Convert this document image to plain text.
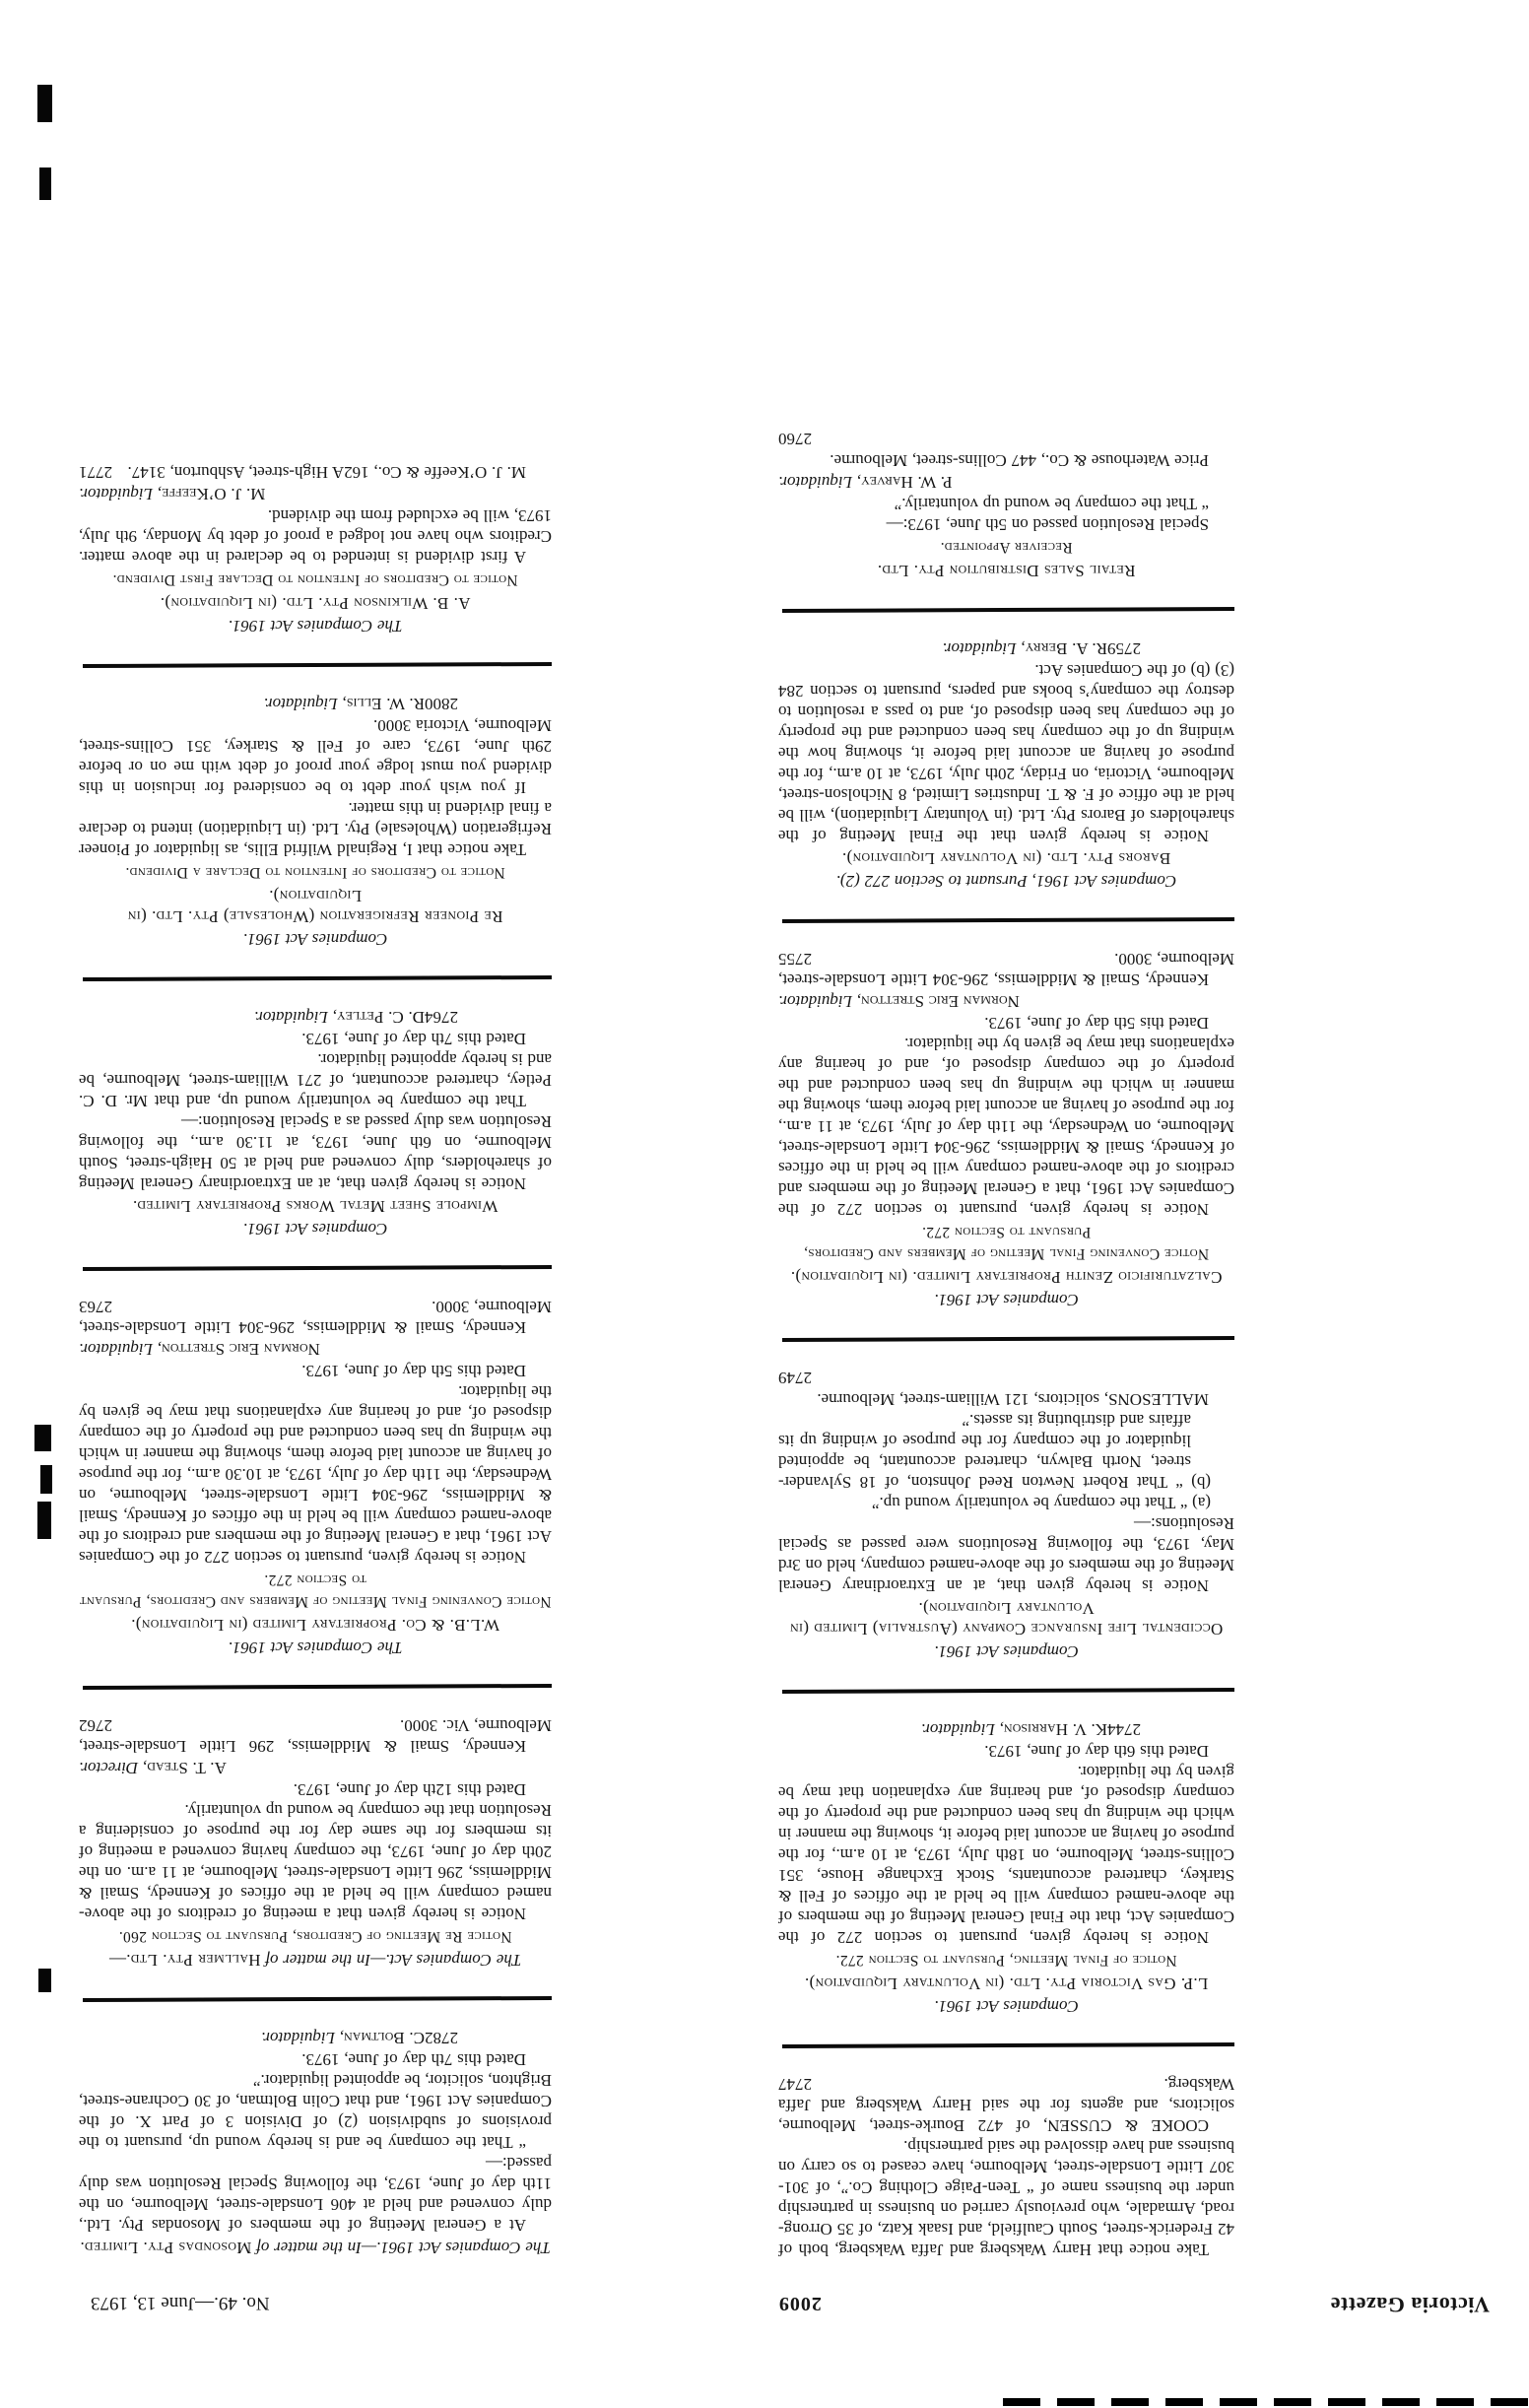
Victoria Gazette
2009
No. 49.—June 13, 1973

Take notice that Harry Waksberg and Jaffa Waksberg, both of 42 Frederick-street, South Caulfield, and Isaak Katz, of 35 Orrong-road, Armadale, who previously carried on business in partnership under the business name of “ Teen-Paige Clothing Co.”, of 301-307 Little Lonsdale-street, Melbourne, have ceased to so carry on business and have dissolved the said partnership.

COOKE & CUSSEN, of 472 Bourke-street, Melbourne, solicitors, and agents for the said Harry Waksberg and Jaffa Waksberg.
2747

Companies Act 1961.
L.P. Gas Victoria Pty. Ltd. (in Voluntary Liquidation).
Notice of Final Meeting, Pursuant to Section 272.

Notice is hereby given, pursuant to section 272 of the Companies Act, that the Final General Meeting of the members of the above-named company will be held at the offices of Fell & Starkey, chartered accountants, Stock Exchange House, 351 Collins-street, Melbourne, on 18th July, 1973, at 10 a.m., for the purpose of having an account laid before it, showing the manner in which the winding up has been conducted and the property of the company disposed of, and hearing any explanation that may be given by the liquidator.

Dated this 6th day of June, 1973.

2744
K. V. Harrison, Liquidator.
Companies Act 1961.
Occidental Life Insurance Company (Australia) Limited (in Voluntary Liquidation).

Notice is hereby given that, at an Extraordinary General Meeting of the members of the above-named company, held on 3rd May, 1973, the following Resolutions were passed as Special Resolutions:—

(a) “ That the company be voluntarily wound up.”

(b) “ That Robert Newton Reed Johnston, of 18 Sylvander-street, North Balwyn, chartered accountant, be appointed liquidator of the company for the purpose of winding up its affairs and distributing its assets.”

MALLESONS, solicitors, 121 William-street, Melbourne.

2749
Companies Act 1961.
Calzaturificio Zenith Proprietary Limited. (in Liquidation).
Notice Convening Final Meeting of Members and Creditors, Pursuant to Section 272.

Notice is hereby given, pursuant to section 272 of the Companies Act 1961, that a General Meeting of the members and creditors of the above-named company will be held in the offices of Kennedy, Smail & Middlemiss, 296-304 Little Lonsdale-street, Melbourne, on Wednesday, the 11th day of July, 1973, at 11 a.m., for the purpose of having an account laid before them, showing the manner in which the winding up has been conducted and the property of the company disposed of, and of hearing any explanations that may be given by the liquidator.

Dated this 5th day of June, 1973.

Norman Eric Stretton, Liquidator.

Kennedy, Smail & Middlemiss, 296-304 Little Lonsdale-street, Melbourne, 3000.
2755

Companies Act 1961, Pursuant to Section 272 (2).
Barors Pty. Ltd. (in Voluntary Liquidation).

Notice is hereby given that the Final Meeting of the shareholders of Barors Pty. Ltd. (in Voluntary Liquidation), will be held at the office of F. & T. Industries Limited, 8 Nicholson-street, Melbourne, Victoria, on Friday, 20th July, 1973, at 10 a.m., for the purpose of having an account laid before it, showing how the winding up of the company has been conducted and the property of the company has been disposed of, and to pass a resolution to destroy the company’s books and papers, pursuant to section 284 (3) (b) of the Companies Act.

2759
R. A. Berry, Liquidator.
Retail Sales Distribution Pty. Ltd.
Receiver Appointed.

Special Resolution passed on 5th June, 1973:—

“ That the company be wound up voluntarily.”

P. W. Harvey, Liquidator.

Price Waterhouse & Co., 447 Collins-street, Melbourne.

2760
The Companies Act 1961.—In the matter of Mosondas Pty. Limited.

At a General Meeting of the members of Mosondas Pty. Ltd., duly convened and held at 406 Lonsdale-street, Melbourne, on the 11th day of June, 1973, the following Special Resolution was duly passed:—

“ That the company be and is hereby wound up, pursuant to the provisions of subdivision (2) of Division 3 of Part X. of the Companies Act 1961, and that Colin Boltman, of 30 Cochrane-street, Brighton, solicitor, be appointed liquidator.”

Dated this 7th day of June, 1973.

2782
C. Boltman, Liquidator.
The Companies Act.—In the matter of Hallmer Pty. Ltd.—
Notice Re Meeting of Creditors, Pursuant to Section 260.

Notice is hereby given that a meeting of creditors of the above-named company will be held at the offices of Kennedy, Smail & Middlemiss, 296 Little Lonsdale-street, Melbourne, at 11 a.m. on the 20th day of June, 1973, the company having convened a meeting of its members for the same day for the purpose of considering a Resolution that the company be wound up voluntarily.

Dated this 12th day of June, 1973.

A. T. Stead, Director.

Kennedy, Smail & Middlemiss, 296 Little Lonsdale-street, Melbourne, Vic. 3000.
2762

The Companies Act 1961.
W.L.B. & Co. Proprietary Limited (in Liquidation).
Notice Convening Final Meeting of Members and Creditors, Pursuant to Section 272.

Notice is hereby given, pursuant to section 272 of the Companies Act 1961, that a General Meeting of the members and creditors of the above-named company will be held in the offices of Kennedy, Smail & Middlemiss, 296-304 Little Lonsdale-street, Melbourne, on Wednesday, the 11th day of July, 1973, at 10.30 a.m., for the purpose of having an account laid before them, showing the manner in which the winding up has been conducted and the property of the company disposed of, and of hearing any explanations that may be given by the liquidator.

Dated this 5th day of June, 1973.

Norman Eric Stretton, Liquidator.

Kennedy, Smail & Middlemiss, 296-304 Little Lonsdale-street, Melbourne, 3000.
2763

Companies Act 1961.
Wimpole Sheet Metal Works Proprietary Limited.

Notice is hereby given that, at an Extraordinary General Meeting of shareholders, duly convened and held at 50 Haigh-street, South Melbourne, on 6th June, 1973, at 11.30 a.m., the following Resolution was duly passed as a Special Resolution:—

That the company be voluntarily wound up, and that Mr. D. C. Petley, chartered accountant, of 271 William-street, Melbourne, be and is hereby appointed liquidator.

Dated this 7th day of June, 1973.

2764
D. C. Petley, Liquidator.
Companies Act 1961.
Re Pioneer Refrigeration (Wholesale) Pty. Ltd. (in Liquidation).
Notice to Creditors of Intention to Declare a Dividend.

Take notice that I, Reginald Wilfrid Ellis, as liquidator of Pioneer Refrigeration (Wholesale) Pty. Ltd. (in Liquidation) intend to declare a final dividend in this matter.

If you wish your debt to be considered for inclusion in this dividend you must lodge your proof of debt with me on or before 29th June, 1973, care of Fell & Starkey, 351 Collins-street, Melbourne, Victoria 3000.

2800
R. W. Ellis, Liquidator.
The Companies Act 1961.
A. B. Wilkinson Pty. Ltd. (in Liquidation).
Notice to Creditors of Intention to Declare First Dividend.

A first dividend is intended to be declared in the above matter. Creditors who have not lodged a proof of debt by Monday, 9th July, 1973, will be excluded from the dividend.

M. J. O’Keeffe, Liquidator.

M. J. O’Keeffe & Co., 162A High-street, Ashburton, 3147.
2771
